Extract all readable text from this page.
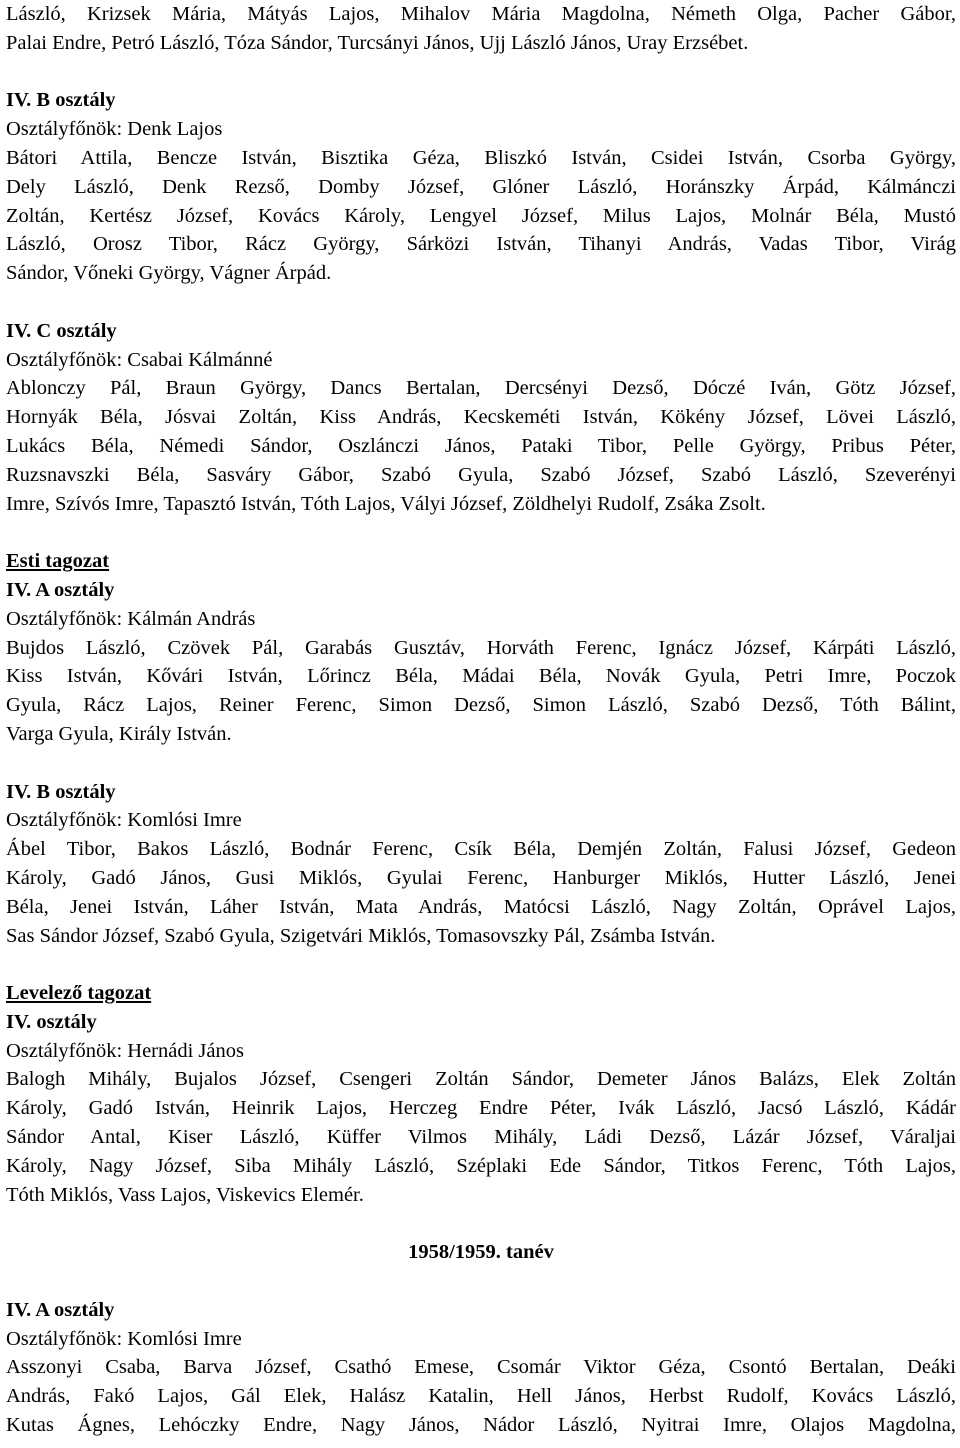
László, Krizsek Mária, Mátyás Lajos, Mihalov Mária Magdolna, Németh Olga, Pacher Gábor,
Palai Endre, Petró László, Tóza Sándor, Turcsányi János, Ujj László János, Uray Erzsébet.
IV. B osztály
Osztályfőnök: Denk Lajos
Bátori Attila, Bencze István, Bisztika Géza, Bliszkó István, Csidei István, Csorba György,
Dely László, Denk Rezső, Domby József, Glóner László, Horánszky Árpád, Kálmánczi
Zoltán, Kertész József, Kovács Károly, Lengyel József, Milus Lajos, Molnár Béla, Mustó
László, Orosz Tibor, Rácz György, Sárközi István, Tihanyi András, Vadas Tibor, Virág
Sándor, Vőneki György, Vágner Árpád.
IV. C osztály
Osztályfőnök: Csabai Kálmánné
Ablonczy Pál, Braun György, Dancs Bertalan, Dercsényi Dezső, Dóczé Iván, Götz József,
Hornyák Béla, Jósvai Zoltán, Kiss András, Kecskeméti István, Kökény József, Lövei László,
Lukács Béla, Némedi Sándor, Oszlánczi János, Pataki Tibor, Pelle György, Pribus Péter,
Ruzsnavszki Béla, Sasváry Gábor, Szabó Gyula, Szabó József, Szabó László, Szeverényi
Imre, Szívós Imre, Tapasztó István, Tóth Lajos, Vályi József, Zöldhelyi Rudolf, Zsáka Zsolt.
Esti tagozat
IV. A osztály
Osztályfőnök: Kálmán András
Bujdos László, Czövek Pál, Garabás Gusztáv, Horváth Ferenc, Ignácz József, Kárpáti László,
Kiss István, Kővári István, Lőrincz Béla, Mádai Béla, Novák Gyula, Petri Imre, Poczok
Gyula, Rácz Lajos, Reiner Ferenc, Simon Dezső, Simon László, Szabó Dezső, Tóth Bálint,
Varga Gyula, Király István.
IV. B osztály
Osztályfőnök: Komlósi Imre
Ábel Tibor, Bakos László, Bodnár Ferenc, Csík Béla, Demjén Zoltán, Falusi József, Gedeon
Károly, Gadó János, Gusi Miklós, Gyulai Ferenc, Hanburger Miklós, Hutter László, Jenei
Béla, Jenei István, Láher István, Mata András, Matócsi László, Nagy Zoltán, Oprável Lajos,
Sas Sándor József, Szabó Gyula, Szigetvári Miklós, Tomasovszky Pál, Zsámba István.
Levelező tagozat
IV. osztály
Osztályfőnök: Hernádi János
Balogh Mihály, Bujalos József, Csengeri Zoltán Sándor, Demeter János Balázs, Elek Zoltán
Károly, Gadó István, Heinrik Lajos, Herczeg Endre Péter, Ivák László, Jacsó László, Kádár
Sándor Antal, Kiser László, Küffer Vilmos Mihály, Ládi Dezső, Lázár József, Váraljai
Károly, Nagy József, Siba Mihály László, Széplaki Ede Sándor, Titkos Ferenc, Tóth Lajos,
Tóth Miklós, Vass Lajos, Viskevics Elemér.
1958/1959. tanév
IV. A osztály
Osztályfőnök: Komlósi Imre
Asszonyi Csaba, Barva József, Csathó Emese, Csomár Viktor Géza, Csontó Bertalan, Deáki
András, Fakó Lajos, Gál Elek, Halász Katalin, Hell János, Herbst Rudolf, Kovács László,
Kutas Ágnes, Lehóczky Endre, Nagy János, Nádor László, Nyitrai Imre, Olajos Magdolna,
